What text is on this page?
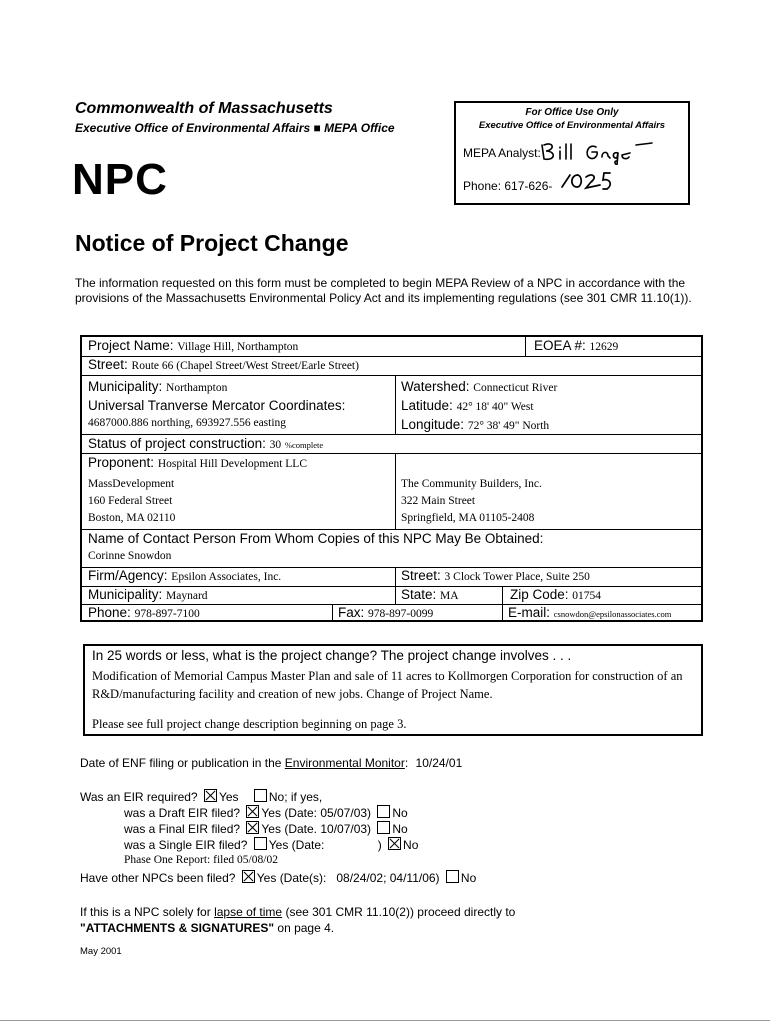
Commonwealth of Massachusetts
Executive Office of Environmental Affairs ■ MEPA Office
NPC
Notice of Project Change
The information requested on this form must be completed to begin MEPA Review of a NPC in accordance with the provisions of the Massachusetts Environmental Policy Act and its implementing regulations (see 301 CMR 11.10(1)).
For Office Use Only
Executive Office of Environmental Affairs
MEPA Analyst:
Phone: 617-626-
Project Name: Village Hill, Northampton	EOEA #: 12629
Street: Route 66 (Chapel Street/West Street/Earle Street)
Municipality: Northampton	Watershed: Connecticut River
Universal Tranverse Mercator Coordinates:
4687000.886 northing, 693927.556 easting
Latitude: 42° 18' 40" West
Longitude: 72° 38' 49" North
Status of project construction: 30 %complete
Proponent: Hospital Hill Development LLC
MassDevelopment
160 Federal Street
Boston, MA 02110
The Community Builders, Inc.
322 Main Street
Springfield, MA 01105-2408
Name of Contact Person From Whom Copies of this NPC May Be Obtained:
Corinne Snowdon
Firm/Agency: Epsilon Associates, Inc.	Street: 3 Clock Tower Place, Suite 250
Municipality: Maynard	State: MA	Zip Code: 01754
Phone: 978-897-7100	Fax: 978-897-0099	E-mail: csnowdon@epsilonassociates.com
In 25 words or less, what is the project change? The project change involves . . .
Modification of Memorial Campus Master Plan and sale of 11 acres to Kollmorgen Corporation for construction of an R&D/manufacturing facility and creation of new jobs. Change of Project Name.
Please see full project change description beginning on page 3.
Date of ENF filing or publication in the Environmental Monitor: 10/24/01
Was an EIR required? Yes	No; if yes,
was a Draft EIR filed? Yes (Date: 05/07/03) No
was a Final EIR filed? Yes (Date. 10/07/03) No
was a Single EIR filed? Yes (Date:                ) No
Phase One Report: filed 05/08/02
Have other NPCs been filed? Yes (Date(s):   08/24/02; 04/11/06) No
If this is a NPC solely for lapse of time (see 301 CMR 11.10(2)) proceed directly to
"ATTACHMENTS & SIGNATURES" on page 4.
May 2001
